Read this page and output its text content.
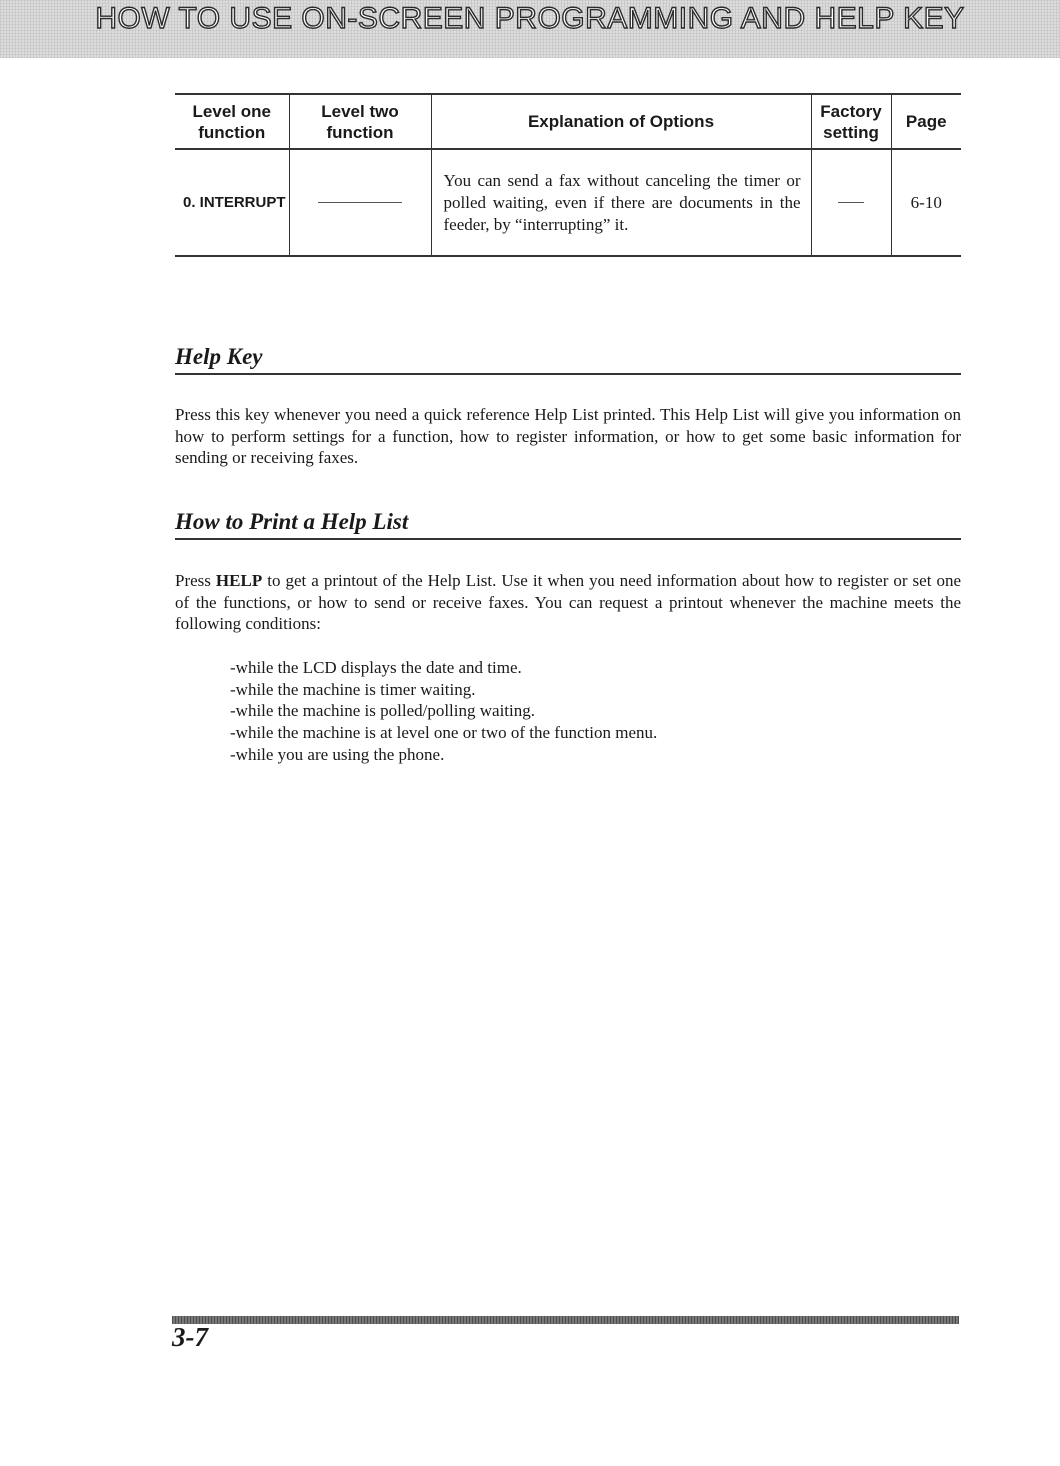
HOW TO USE ON-SCREEN PROGRAMMING AND HELP KEY
Level one function	Level two function	Explanation of Options	Factory setting	Page
0. INTERRUPT		You can send a fax without canceling the timer or polled waiting, even if there are documents in the feeder, by “interrupting” it.		6-10
Help Key

Press this key whenever you need a quick reference Help List printed. This Help List will give you information on how to perform settings for a function, how to register information, or how to get some basic information for sending or receiving faxes.

How to Print a Help List

Press HELP to get a printout of the Help List. Use it when you need information about how to register or set one of the functions, or how to send or receive faxes. You can request a printout whenever the machine meets the following conditions:

-while the LCD displays the date and time.
-while the machine is timer waiting.
-while the machine is polled/polling waiting.
-while the machine is at level one or two of the function menu.
-while you are using the phone.

3-7
